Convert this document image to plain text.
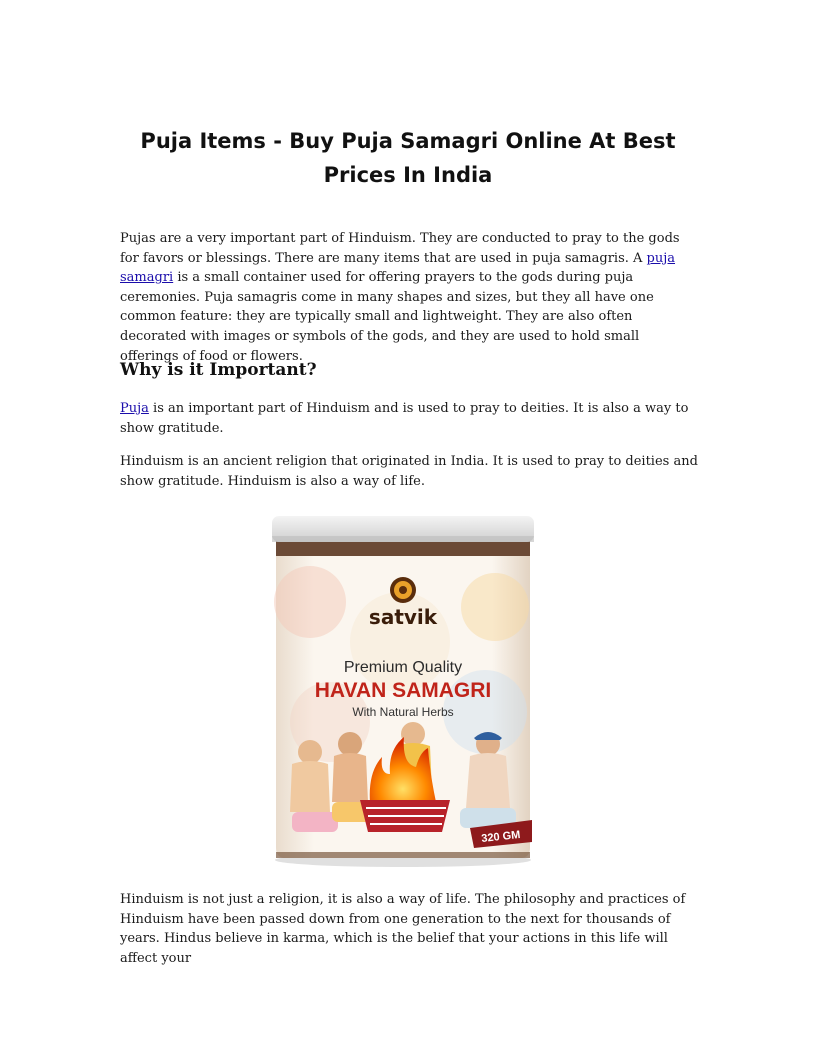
Puja Items - Buy Puja Samagri Online At Best Prices In India

Pujas are a very important part of Hinduism. They are conducted to pray to the gods for favors or blessings. There are many items that are used in puja samagris. A puja samagri is a small container used for offering prayers to the gods during puja ceremonies. Puja samagris come in many shapes and sizes, but they all have one common feature: they are typically small and lightweight. They are also often decorated with images or symbols of the gods, and they are used to hold small offerings of food or flowers.

Why is it Important?

Puja is an important part of Hinduism and is used to pray to deities. It is also a way to show gratitude.

Hinduism is an ancient religion that originated in India. It is used to pray to deities and show gratitude. Hinduism is also a way of life.

satvik
Premium Quality
HAVAN SAMAGRI
With Natural Herbs
320 GM

Hinduism is not just a religion, it is also a way of life. The philosophy and practices of Hinduism have been passed down from one generation to the next for thousands of years. Hindus believe in karma, which is the belief that your actions in this life will affect your
